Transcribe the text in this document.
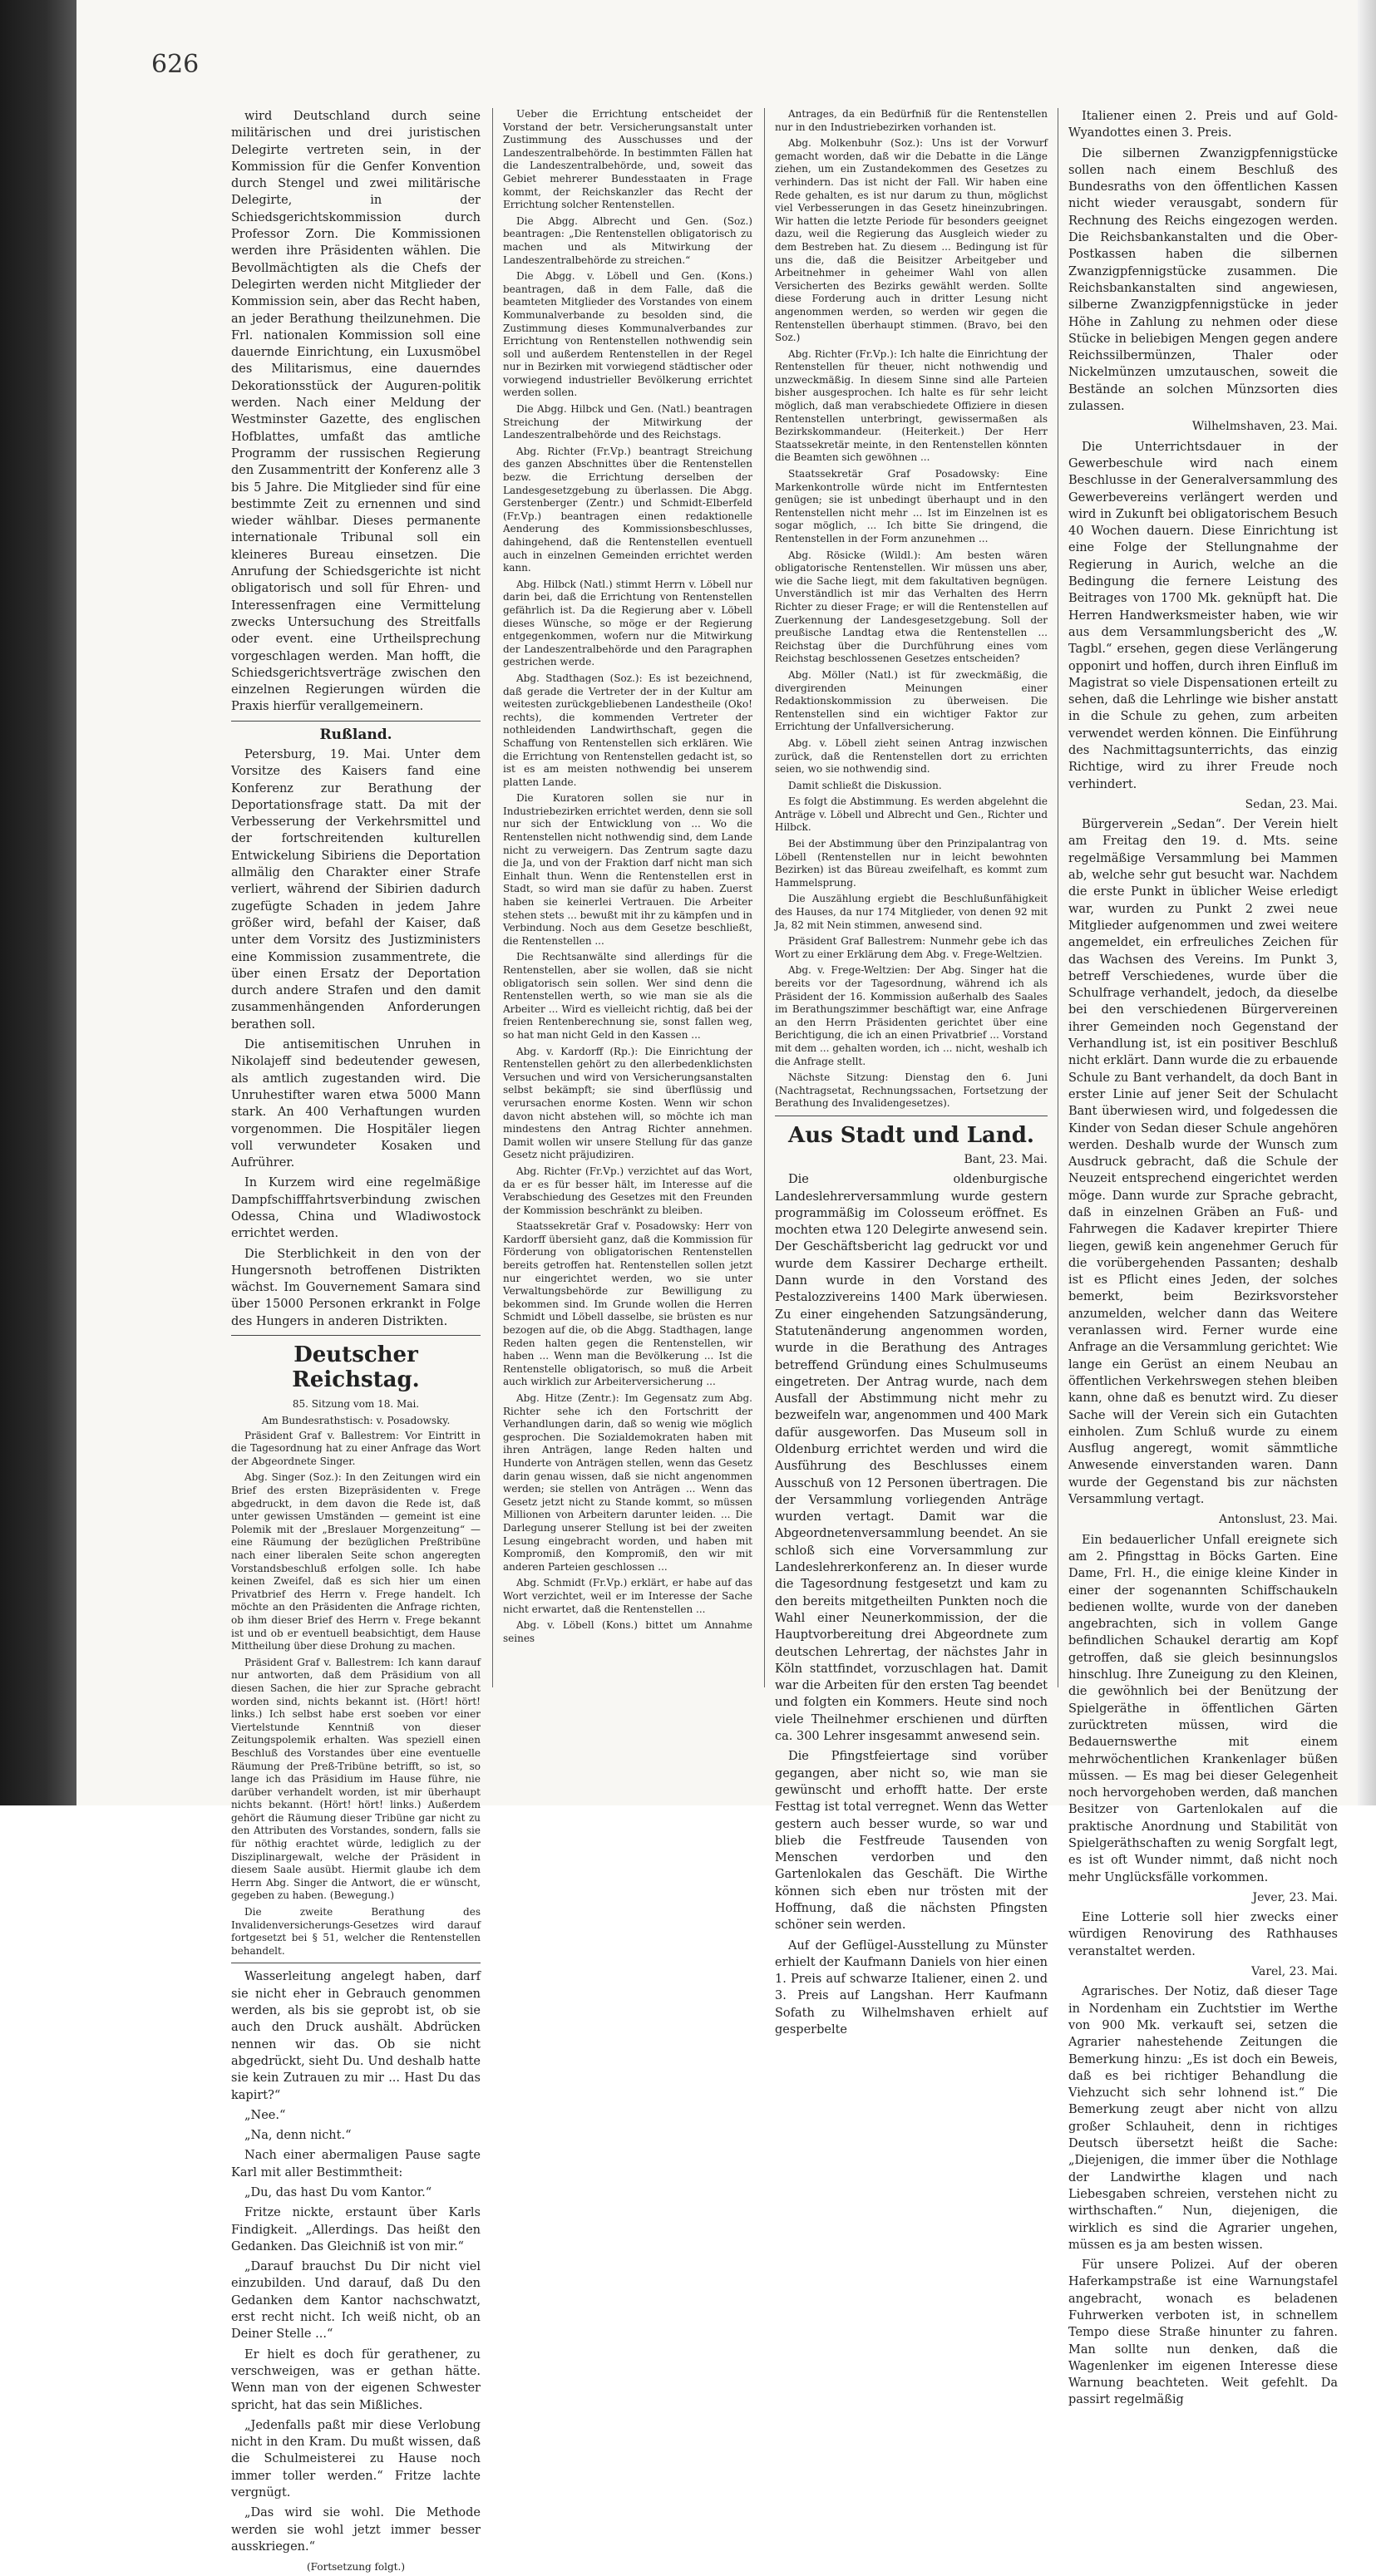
626

wird Deutschland durch seine militärischen und drei juristischen Delegirte vertreten sein, in der Kommission für die Genfer Konvention durch Stengel und zwei militärische Delegirte, in der Schiedsgerichtskommission durch Professor Zorn. Die Kommissionen werden ihre Präsidenten wählen. Die Bevollmächtigten als die Chefs der Delegirten werden nicht Mitglieder der Kommission sein, aber das Recht haben, an jeder Berathung theilzunehmen. Die Frl. nationalen Kommission soll eine dauernde Einrichtung, ein Luxusmöbel des Militarismus, eine dauerndes Dekorationsstück der Auguren-politik werden. Nach einer Meldung der Westminster Gazette, des englischen Hofblattes, umfaßt das amtliche Programm der russischen Regierung den Zusammentritt der Konferenz alle 3 bis 5 Jahre. Die Mitglieder sind für eine bestimmte Zeit zu ernennen und sind wieder wählbar. Dieses permanente internationale Tribunal soll ein kleineres Bureau einsetzen. Die Anrufung der Schiedsgerichte ist nicht obligatorisch und soll für Ehren- und Interessenfragen eine Vermittelung zwecks Untersuchung des Streitfalls oder event. eine Urtheilsprechung vorgeschlagen werden. Man hofft, die Schiedsgerichtsverträge zwischen den einzelnen Regierungen würden die Praxis hierfür verallgemeinern.

Rußland.

Petersburg, 19. Mai. Unter dem Vorsitze des Kaisers fand eine Konferenz zur Berathung der Deportationsfrage statt. Da mit der Verbesserung der Verkehrsmittel und der fortschreitenden kulturellen Entwickelung Sibiriens die Deportation allmälig den Charakter einer Strafe verliert, während der Sibirien dadurch zugefügte Schaden in jedem Jahre größer wird, befahl der Kaiser, daß unter dem Vorsitz des Justizministers eine Kommission zusammentrete, die über einen Ersatz der Deportation durch andere Strafen und den damit zusammenhängenden Anforderungen berathen soll.

Die antisemitischen Unruhen in Nikolajeff sind bedeutender gewesen, als amtlich zugestanden wird. Die Unruhestifter waren etwa 5000 Mann stark. An 400 Verhaftungen wurden vorgenommen. Die Hospitäler liegen voll verwundeter Kosaken und Aufrührer.

In Kurzem wird eine regelmäßige Dampfschifffahrtsverbindung zwischen Odessa, China und Wladiwostock errichtet werden.

Die Sterblichkeit in den von der Hungersnoth betroffenen Distrikten wächst. Im Gouvernement Samara sind über 15000 Personen erkrankt in Folge des Hungers in anderen Distrikten.

Deutscher Reichstag.
85. Sitzung vom 18. Mai.
Am Bundesrathstisch: v. Posadowsky.

Präsident Graf v. Ballestrem: Vor Eintritt in die Tagesordnung hat zu einer Anfrage das Wort der Abgeordnete Singer.

Abg. Singer (Soz.): In den Zeitungen wird ein Brief des ersten Bizepräsidenten v. Frege abgedruckt, in dem davon die Rede ist, daß unter gewissen Umständen — gemeint ist eine Polemik mit der „Breslauer Morgenzeitung“ — eine Räumung der bezüglichen Preßtribüne nach einer liberalen Seite schon angeregten Vorstandsbeschluß erfolgen solle. Ich habe keinen Zweifel, daß es sich hier um einen Privatbrief des Herrn v. Frege handelt. Ich möchte an den Präsidenten die Anfrage richten, ob ihm dieser Brief des Herrn v. Frege bekannt ist und ob er eventuell beabsichtigt, dem Hause Mittheilung über diese Drohung zu machen.

Präsident Graf v. Ballestrem: Ich kann darauf nur antworten, daß dem Präsidium von all diesen Sachen, die hier zur Sprache gebracht worden sind, nichts bekannt ist. (Hört! hört! links.) Ich selbst habe erst soeben vor einer Viertelstunde Kenntniß von dieser Zeitungspolemik erhalten. Was speziell einen Beschluß des Vorstandes über eine eventuelle Räumung der Preß-Tribüne betrifft, so ist, so lange ich das Präsidium im Hause führe, nie darüber verhandelt worden, ist mir überhaupt nichts bekannt. (Hört! hört! links.) Außerdem gehört die Räumung dieser Tribüne gar nicht zu den Attributen des Vorstandes, sondern, falls sie für nöthig erachtet würde, lediglich zu der Disziplinargewalt, welche der Präsident in diesem Saale ausübt. Hiermit glaube ich dem Herrn Abg. Singer die Antwort, die er wünscht, gegeben zu haben. (Bewegung.)

Die zweite Berathung des Invalidenversicherungs-Gesetzes wird darauf fortgesetzt bei § 51, welcher die Rentenstellen behandelt.

Wasserleitung angelegt haben, darf sie nicht eher in Gebrauch genommen werden, als bis sie geprobt ist, ob sie auch den Druck aushält. Abdrücken nennen wir das. Ob sie nicht abgedrückt, sieht Du. Und deshalb hatte sie kein Zutrauen zu mir ... Hast Du das kapirt?“

„Nee.“

„Na, denn nicht.“

Nach einer abermaligen Pause sagte Karl mit aller Bestimmtheit:

„Du, das hast Du vom Kantor.“

Fritze nickte, erstaunt über Karls Findigkeit. „Allerdings. Das heißt den Gedanken. Das Gleichniß ist von mir.“

„Darauf brauchst Du Dir nicht viel einzubilden. Und darauf, daß Du den Gedanken dem Kantor nachschwatzt, erst recht nicht. Ich weiß nicht, ob an Deiner Stelle ...“

Er hielt es doch für gerathener, zu verschweigen, was er gethan hätte. Wenn man von der eigenen Schwester spricht, hat das sein Mißliches.

„Jedenfalls paßt mir diese Verlobung nicht in den Kram. Du mußt wissen, daß die Schulmeisterei zu Hause noch immer toller werden.“ Fritze lachte vergnügt.

„Das wird sie wohl. Die Methode werden sie wohl jetzt immer besser ausskriegen.“

(Fortsetzung folgt.)

Ueber die Errichtung entscheidet der Vorstand der betr. Versicherungsanstalt unter Zustimmung des Ausschusses und der Landeszentralbehörde. In bestimmten Fällen hat die Landeszentralbehörde, und, soweit das Gebiet mehrerer Bundesstaaten in Frage kommt, der Reichskanzler das Recht der Errichtung solcher Rentenstellen.

Die Abgg. Albrecht und Gen. (Soz.) beantragen: „Die Rentenstellen obligatorisch zu machen und als Mitwirkung der Landeszentralbehörde zu streichen.“

Die Abgg. v. Löbell und Gen. (Kons.) beantragen, daß in dem Falle, daß die beamteten Mitglieder des Vorstandes von einem Kommunalverbande zu besolden sind, die Zustimmung dieses Kommunalverbandes zur Errichtung von Rentenstellen nothwendig sein soll und außerdem Rentenstellen in der Regel nur in Bezirken mit vorwiegend städtischer oder vorwiegend industrieller Bevölkerung errichtet werden sollen.

Die Abgg. Hilbck und Gen. (Natl.) beantragen Streichung der Mitwirkung der Landeszentralbehörde und des Reichstags.

Abg. Richter (Fr.Vp.) beantragt Streichung des ganzen Abschnittes über die Rentenstellen bezw. die Errichtung derselben der Landesgesetzgebung zu überlassen. Die Abgg. Gerstenberger (Zentr.) und Schmidt-Elberfeld (Fr.Vp.) beantragen einen redaktionelle Aenderung des Kommissionsbeschlusses, dahingehend, daß die Rentenstellen eventuell auch in einzelnen Gemeinden errichtet werden kann.

Abg. Hilbck (Natl.) stimmt Herrn v. Löbell nur darin bei, daß die Errichtung von Rentenstellen gefährlich ist. Da die Regierung aber v. Löbell dieses Wünsche, so möge er der Regierung entgegenkommen, wofern nur die Mitwirkung der Landeszentralbehörde und den Paragraphen gestrichen werde.

Abg. Stadthagen (Soz.): Es ist bezeichnend, daß gerade die Vertreter der in der Kultur am weitesten zurückgebliebenen Landestheile (Oko! rechts), die kommenden Vertreter der nothleidenden Landwirthschaft, gegen die Schaffung von Rentenstellen sich erklären. Wie die Errichtung von Rentenstellen gedacht ist, so ist es am meisten nothwendig bei unserem platten Lande.

Die Kuratoren sollen sie nur in Industriebezirken errichtet werden, denn sie soll nur sich der Entwicklung von ... Wo die Rentenstellen nicht nothwendig sind, dem Lande nicht zu verweigern. Das Zentrum sagte dazu die Ja, und von der Fraktion darf nicht man sich Einhalt thun. Wenn die Rentenstellen erst in Stadt, so wird man sie dafür zu haben. Zuerst haben sie keinerlei Vertrauen. Die Arbeiter stehen stets ... bewußt mit ihr zu kämpfen und in Verbindung. Noch aus dem Gesetze beschließt, die Rentenstellen ...

Die Rechtsanwälte sind allerdings für die Rentenstellen, aber sie wollen, daß sie nicht obligatorisch sein sollen. Wer sind denn die Rentenstellen werth, so wie man sie als die Arbeiter ... Wird es vielleicht richtig, daß bei der freien Rentenberechnung sie, sonst fallen weg, so hat man nicht Geld in den Kassen ...

Abg. v. Kardorff (Rp.): Die Einrichtung der Rentenstellen gehört zu den allerbedenklichsten Versuchen und wird von Versicherungsanstalten selbst bekämpft; sie sind überflüssig und verursachen enorme Kosten. Wenn wir schon davon nicht abstehen will, so möchte ich man mindestens den Antrag Richter annehmen. Damit wollen wir unsere Stellung für das ganze Gesetz nicht präjudiziren.

Abg. Richter (Fr.Vp.) verzichtet auf das Wort, da er es für besser hält, im Interesse auf die Verabschiedung des Gesetzes mit den Freunden der Kommission beschränkt zu bleiben.

Staatssekretär Graf v. Posadowsky: Herr von Kardorff übersieht ganz, daß die Kommission für Förderung von obligatorischen Rentenstellen bereits getroffen hat. Rentenstellen sollen jetzt nur eingerichtet werden, wo sie unter Verwaltungsbehörde zur Bewilligung zu bekommen sind. Im Grunde wollen die Herren Schmidt und Löbell dasselbe, sie brüsten es nur bezogen auf die, ob die Abgg. Stadthagen, lange Reden halten gegen die Rentenstellen, wir haben ... Wenn man die Bevölkerung ... Ist die Rentenstelle obligatorisch, so muß die Arbeit auch wirklich zur Arbeiterversicherung ...

Abg. Hitze (Zentr.): Im Gegensatz zum Abg. Richter sehe ich den Fortschritt der Verhandlungen darin, daß so wenig wie möglich gesprochen. Die Sozialdemokraten haben mit ihren Anträgen, lange Reden halten und Hunderte von Anträgen stellen, wenn das Gesetz darin genau wissen, daß sie nicht angenommen werden; sie stellen von Anträgen ... Wenn das Gesetz jetzt nicht zu Stande kommt, so müssen Millionen von Arbeitern darunter leiden. ... Die Darlegung unserer Stellung ist bei der zweiten Lesung eingebracht worden, und haben mit Kompromiß, den Kompromiß, den wir mit anderen Parteien geschlossen ...

Abg. Schmidt (Fr.Vp.) erklärt, er habe auf das Wort verzichtet, weil er im Interesse der Sache nicht erwartet, daß die Rentenstellen ...

Abg. v. Löbell (Kons.) bittet um Annahme seines

Antrages, da ein Bedürfniß für die Rentenstellen nur in den Industriebezirken vorhanden ist.

Abg. Molkenbuhr (Soz.): Uns ist der Vorwurf gemacht worden, daß wir die Debatte in die Länge ziehen, um ein Zustandekommen des Gesetzes zu verhindern. Das ist nicht der Fall. Wir haben eine Rede gehalten, es ist nur darum zu thun, möglichst viel Verbesserungen in das Gesetz hineinzubringen. Wir hatten die letzte Periode für besonders geeignet dazu, weil die Regierung das Ausgleich wieder zu dem Bestreben hat. Zu diesem ... Bedingung ist für uns die, daß die Beisitzer Arbeitgeber und Arbeitnehmer in geheimer Wahl von allen Versicherten des Bezirks gewählt werden. Sollte diese Forderung auch in dritter Lesung nicht angenommen werden, so werden wir gegen die Rentenstellen überhaupt stimmen. (Bravo, bei den Soz.)

Abg. Richter (Fr.Vp.): Ich halte die Einrichtung der Rentenstellen für theuer, nicht nothwendig und unzweckmäßig. In diesem Sinne sind alle Parteien bisher ausgesprochen. Ich halte es für sehr leicht möglich, daß man verabschiedete Offiziere in diesen Rentenstellen unterbringt, gewissermaßen als Bezirkskommandeur. (Heiterkeit.) Der Herr Staatssekretär meinte, in den Rentenstellen könnten die Beamten sich gewöhnen ...

Staatssekretär Graf Posadowsky: Eine Markenkontrolle würde nicht im Entferntesten genügen; sie ist unbedingt überhaupt und in den Rentenstellen nicht mehr ... Ist im Einzelnen ist es sogar möglich, ... Ich bitte Sie dringend, die Rentenstellen in der Form anzunehmen ...

Abg. Rösicke (Wildl.): Am besten wären obligatorische Rentenstellen. Wir müssen uns aber, wie die Sache liegt, mit dem fakultativen begnügen. Unverständlich ist mir das Verhalten des Herrn Richter zu dieser Frage; er will die Rentenstellen auf Zuerkennung der Landesgesetzgebung. Soll der preußische Landtag etwa die Rentenstellen ... Reichstag über die Durchführung eines vom Reichstag beschlossenen Gesetzes entscheiden?

Abg. Möller (Natl.) ist für zweckmäßig, die divergirenden Meinungen einer Redaktionskommission zu überweisen. Die Rentenstellen sind ein wichtiger Faktor zur Errichtung der Unfallversicherung.

Abg. v. Löbell zieht seinen Antrag inzwischen zurück, daß die Rentenstellen dort zu errichten seien, wo sie nothwendig sind.

Damit schließt die Diskussion.

Es folgt die Abstimmung. Es werden abgelehnt die Anträge v. Löbell und Albrecht und Gen., Richter und Hilbck.

Bei der Abstimmung über den Prinzipalantrag von Löbell (Rentenstellen nur in leicht bewohnten Bezirken) ist das Büreau zweifelhaft, es kommt zum Hammelsprung.

Die Auszählung ergiebt die Beschlußunfähigkeit des Hauses, da nur 174 Mitglieder, von denen 92 mit Ja, 82 mit Nein stimmen, anwesend sind.

Präsident Graf Ballestrem: Nunmehr gebe ich das Wort zu einer Erklärung dem Abg. v. Frege-Weltzien.

Abg. v. Frege-Weltzien: Der Abg. Singer hat die bereits vor der Tagesordnung, während ich als Präsident der 16. Kommission außerhalb des Saales im Berathungszimmer beschäftigt war, eine Anfrage an den Herrn Präsidenten gerichtet über eine Berichtigung, die ich an einen Privatbrief ... Vorstand mit dem ... gehalten worden, ich ... nicht, weshalb ich die Anfrage stellt.

Nächste Sitzung: Dienstag den 6. Juni (Nachtragsetat, Rechnungssachen, Fortsetzung der Berathung des Invalidengesetzes).

Aus Stadt und Land.
Bant, 23. Mai.

Die oldenburgische Landeslehrerversammlung wurde gestern programmäßig im Colosseum eröffnet. Es mochten etwa 120 Delegirte anwesend sein. Der Geschäftsbericht lag gedruckt vor und wurde dem Kassirer Decharge ertheilt. Dann wurde in den Vorstand des Pestalozzivereins 1400 Mark überwiesen. Zu einer eingehenden Satzungsänderung, Statutenänderung angenommen worden, wurde in die Berathung des Antrages betreffend Gründung eines Schulmuseums eingetreten. Der Antrag wurde, nach dem Ausfall der Abstimmung nicht mehr zu bezweifeln war, angenommen und 400 Mark dafür ausgeworfen. Das Museum soll in Oldenburg errichtet werden und wird die Ausführung des Beschlusses einem Ausschuß von 12 Personen übertragen. Die der Versammlung vorliegenden Anträge wurden vertagt. Damit war die Abgeordnetenversammlung beendet. An sie schloß sich eine Vorversammlung zur Landeslehrerkonferenz an. In dieser wurde die Tagesordnung festgesetzt und kam zu den bereits mitgetheilten Punkten noch die Wahl einer Neunerkommission, der die Hauptvorbereitung drei Abgeordnete zum deutschen Lehrertag, der nächstes Jahr in Köln stattfindet, vorzuschlagen hat. Damit war die Arbeiten für den ersten Tag beendet und folgten ein Kommers. Heute sind noch viele Theilnehmer erschienen und dürften ca. 300 Lehrer insgesammt anwesend sein.

Die Pfingstfeiertage sind vorüber gegangen, aber nicht so, wie man sie gewünscht und erhofft hatte. Der erste Festtag ist total verregnet. Wenn das Wetter gestern auch besser wurde, so war und blieb die Festfreude Tausenden von Menschen verdorben und den Gartenlokalen das Geschäft. Die Wirthe können sich eben nur trösten mit der Hoffnung, daß die nächsten Pfingsten schöner sein werden.

Auf der Geflügel-Ausstellung zu Münster erhielt der Kaufmann Daniels von hier einen 1. Preis auf schwarze Italiener, einen 2. und 3. Preis auf Langshan. Herr Kaufmann Sofath zu Wilhelmshaven erhielt auf gesperbelte

Italiener einen 2. Preis und auf Gold-Wyandottes einen 3. Preis.

Die silbernen Zwanzigpfennigstücke sollen nach einem Beschluß des Bundesraths von den öffentlichen Kassen nicht wieder verausgabt, sondern für Rechnung des Reichs eingezogen werden. Die Reichsbankanstalten und die Ober-Postkassen haben die silbernen Zwanzigpfennigstücke zusammen. Die Reichsbankanstalten sind angewiesen, silberne Zwanzigpfennigstücke in jeder Höhe in Zahlung zu nehmen oder diese Stücke in beliebigen Mengen gegen andere Reichssilbermünzen, Thaler oder Nickelmünzen umzutauschen, soweit die Bestände an solchen Münzsorten dies zulassen.

Wilhelmshaven, 23. Mai.

Die Unterrichtsdauer in der Gewerbeschule wird nach einem Beschlusse in der Generalversammlung des Gewerbevereins verlängert werden und wird in Zukunft bei obligatorischem Besuch 40 Wochen dauern. Diese Einrichtung ist eine Folge der Stellungnahme der Regierung in Aurich, welche an die Bedingung die fernere Leistung des Beitrages von 1700 Mk. geknüpft hat. Die Herren Handwerksmeister haben, wie wir aus dem Versammlungsbericht des „W. Tagbl.“ ersehen, gegen diese Verlängerung opponirt und hoffen, durch ihren Einfluß im Magistrat so viele Dispensationen erteilt zu sehen, daß die Lehrlinge wie bisher anstatt in die Schule zu gehen, zum arbeiten verwendet werden können. Die Einführung des Nachmittagsunterrichts, das einzig Richtige, wird zu ihrer Freude noch verhindert.

Sedan, 23. Mai.

Bürgerverein „Sedan“. Der Verein hielt am Freitag den 19. d. Mts. seine regelmäßige Versammlung bei Mammen ab, welche sehr gut besucht war. Nachdem die erste Punkt in üblicher Weise erledigt war, wurden zu Punkt 2 zwei neue Mitglieder aufgenommen und zwei weitere angemeldet, ein erfreuliches Zeichen für das Wachsen des Vereins. Im Punkt 3, betreff Verschiedenes, wurde über die Schulfrage verhandelt, jedoch, da dieselbe bei den verschiedenen Bürgervereinen ihrer Gemeinden noch Gegenstand der Verhandlung ist, ist ein positiver Beschluß nicht erklärt. Dann wurde die zu erbauende Schule zu Bant verhandelt, da doch Bant in erster Linie auf jener Seit der Schulacht Bant überwiesen wird, und folgedessen die Kinder von Sedan dieser Schule angehören werden. Deshalb wurde der Wunsch zum Ausdruck gebracht, daß die Schule der Neuzeit entsprechend eingerichtet werden möge. Dann wurde zur Sprache gebracht, daß in einzelnen Gräben an Fuß- und Fahrwegen die Kadaver krepirter Thiere liegen, gewiß kein angenehmer Geruch für die vorübergehenden Passanten; deshalb ist es Pflicht eines Jeden, der solches bemerkt, beim Bezirksvorsteher anzumelden, welcher dann das Weitere veranlassen wird. Ferner wurde eine Anfrage an die Versammlung gerichtet: Wie lange ein Gerüst an einem Neubau an öffentlichen Verkehrswegen stehen bleiben kann, ohne daß es benutzt wird. Zu dieser Sache will der Verein sich ein Gutachten einholen. Zum Schluß wurde zu einem Ausflug angeregt, womit sämmtliche Anwesende einverstanden waren. Dann wurde der Gegenstand bis zur nächsten Versammlung vertagt.

Antonslust, 23. Mai.

Ein bedauerlicher Unfall ereignete sich am 2. Pfingsttag in Böcks Garten. Eine Dame, Frl. H., die einige kleine Kinder in einer der sogenannten Schiffschaukeln bedienen wollte, wurde von der daneben angebrachten, sich in vollem Gange befindlichen Schaukel derartig am Kopf getroffen, daß sie gleich besinnungslos hinschlug. Ihre Zuneigung zu den Kleinen, die gewöhnlich bei der Benützung der Spielgeräthe in öffentlichen Gärten zurücktreten müssen, wird die Bedauernswerthe mit einem mehrwöchentlichen Krankenlager büßen müssen. — Es mag bei dieser Gelegenheit noch hervorgehoben werden, daß manchen Besitzer von Gartenlokalen auf die praktische Anordnung und Stabilität von Spielgeräthschaften zu wenig Sorgfalt legt, es ist oft Wunder nimmt, daß nicht noch mehr Unglücksfälle vorkommen.

Jever, 23. Mai.

Eine Lotterie soll hier zwecks einer würdigen Renovirung des Rathhauses veranstaltet werden.

Varel, 23. Mai.

Agrarisches. Der Notiz, daß dieser Tage in Nordenham ein Zuchtstier im Werthe von 900 Mk. verkauft sei, setzen die Agrarier nahestehende Zeitungen die Bemerkung hinzu: „Es ist doch ein Beweis, daß es bei richtiger Behandlung die Viehzucht sich sehr lohnend ist.“ Die Bemerkung zeugt aber nicht von allzu großer Schlauheit, denn in richtiges Deutsch übersetzt heißt die Sache: „Diejenigen, die immer über die Nothlage der Landwirthe klagen und nach Liebesgaben schreien, verstehen nicht zu wirthschaften.“ Nun, diejenigen, die wirklich es sind die Agrarier ungehen, müssen es ja am besten wissen.

Für unsere Polizei. Auf der oberen Haferkampstraße ist eine Warnungstafel angebracht, wonach es beladenen Fuhrwerken verboten ist, in schnellem Tempo diese Straße hinunter zu fahren. Man sollte nun denken, daß die Wagenlenker im eigenen Interesse diese Warnung beachteten. Weit gefehlt. Da passirt regelmäßig
